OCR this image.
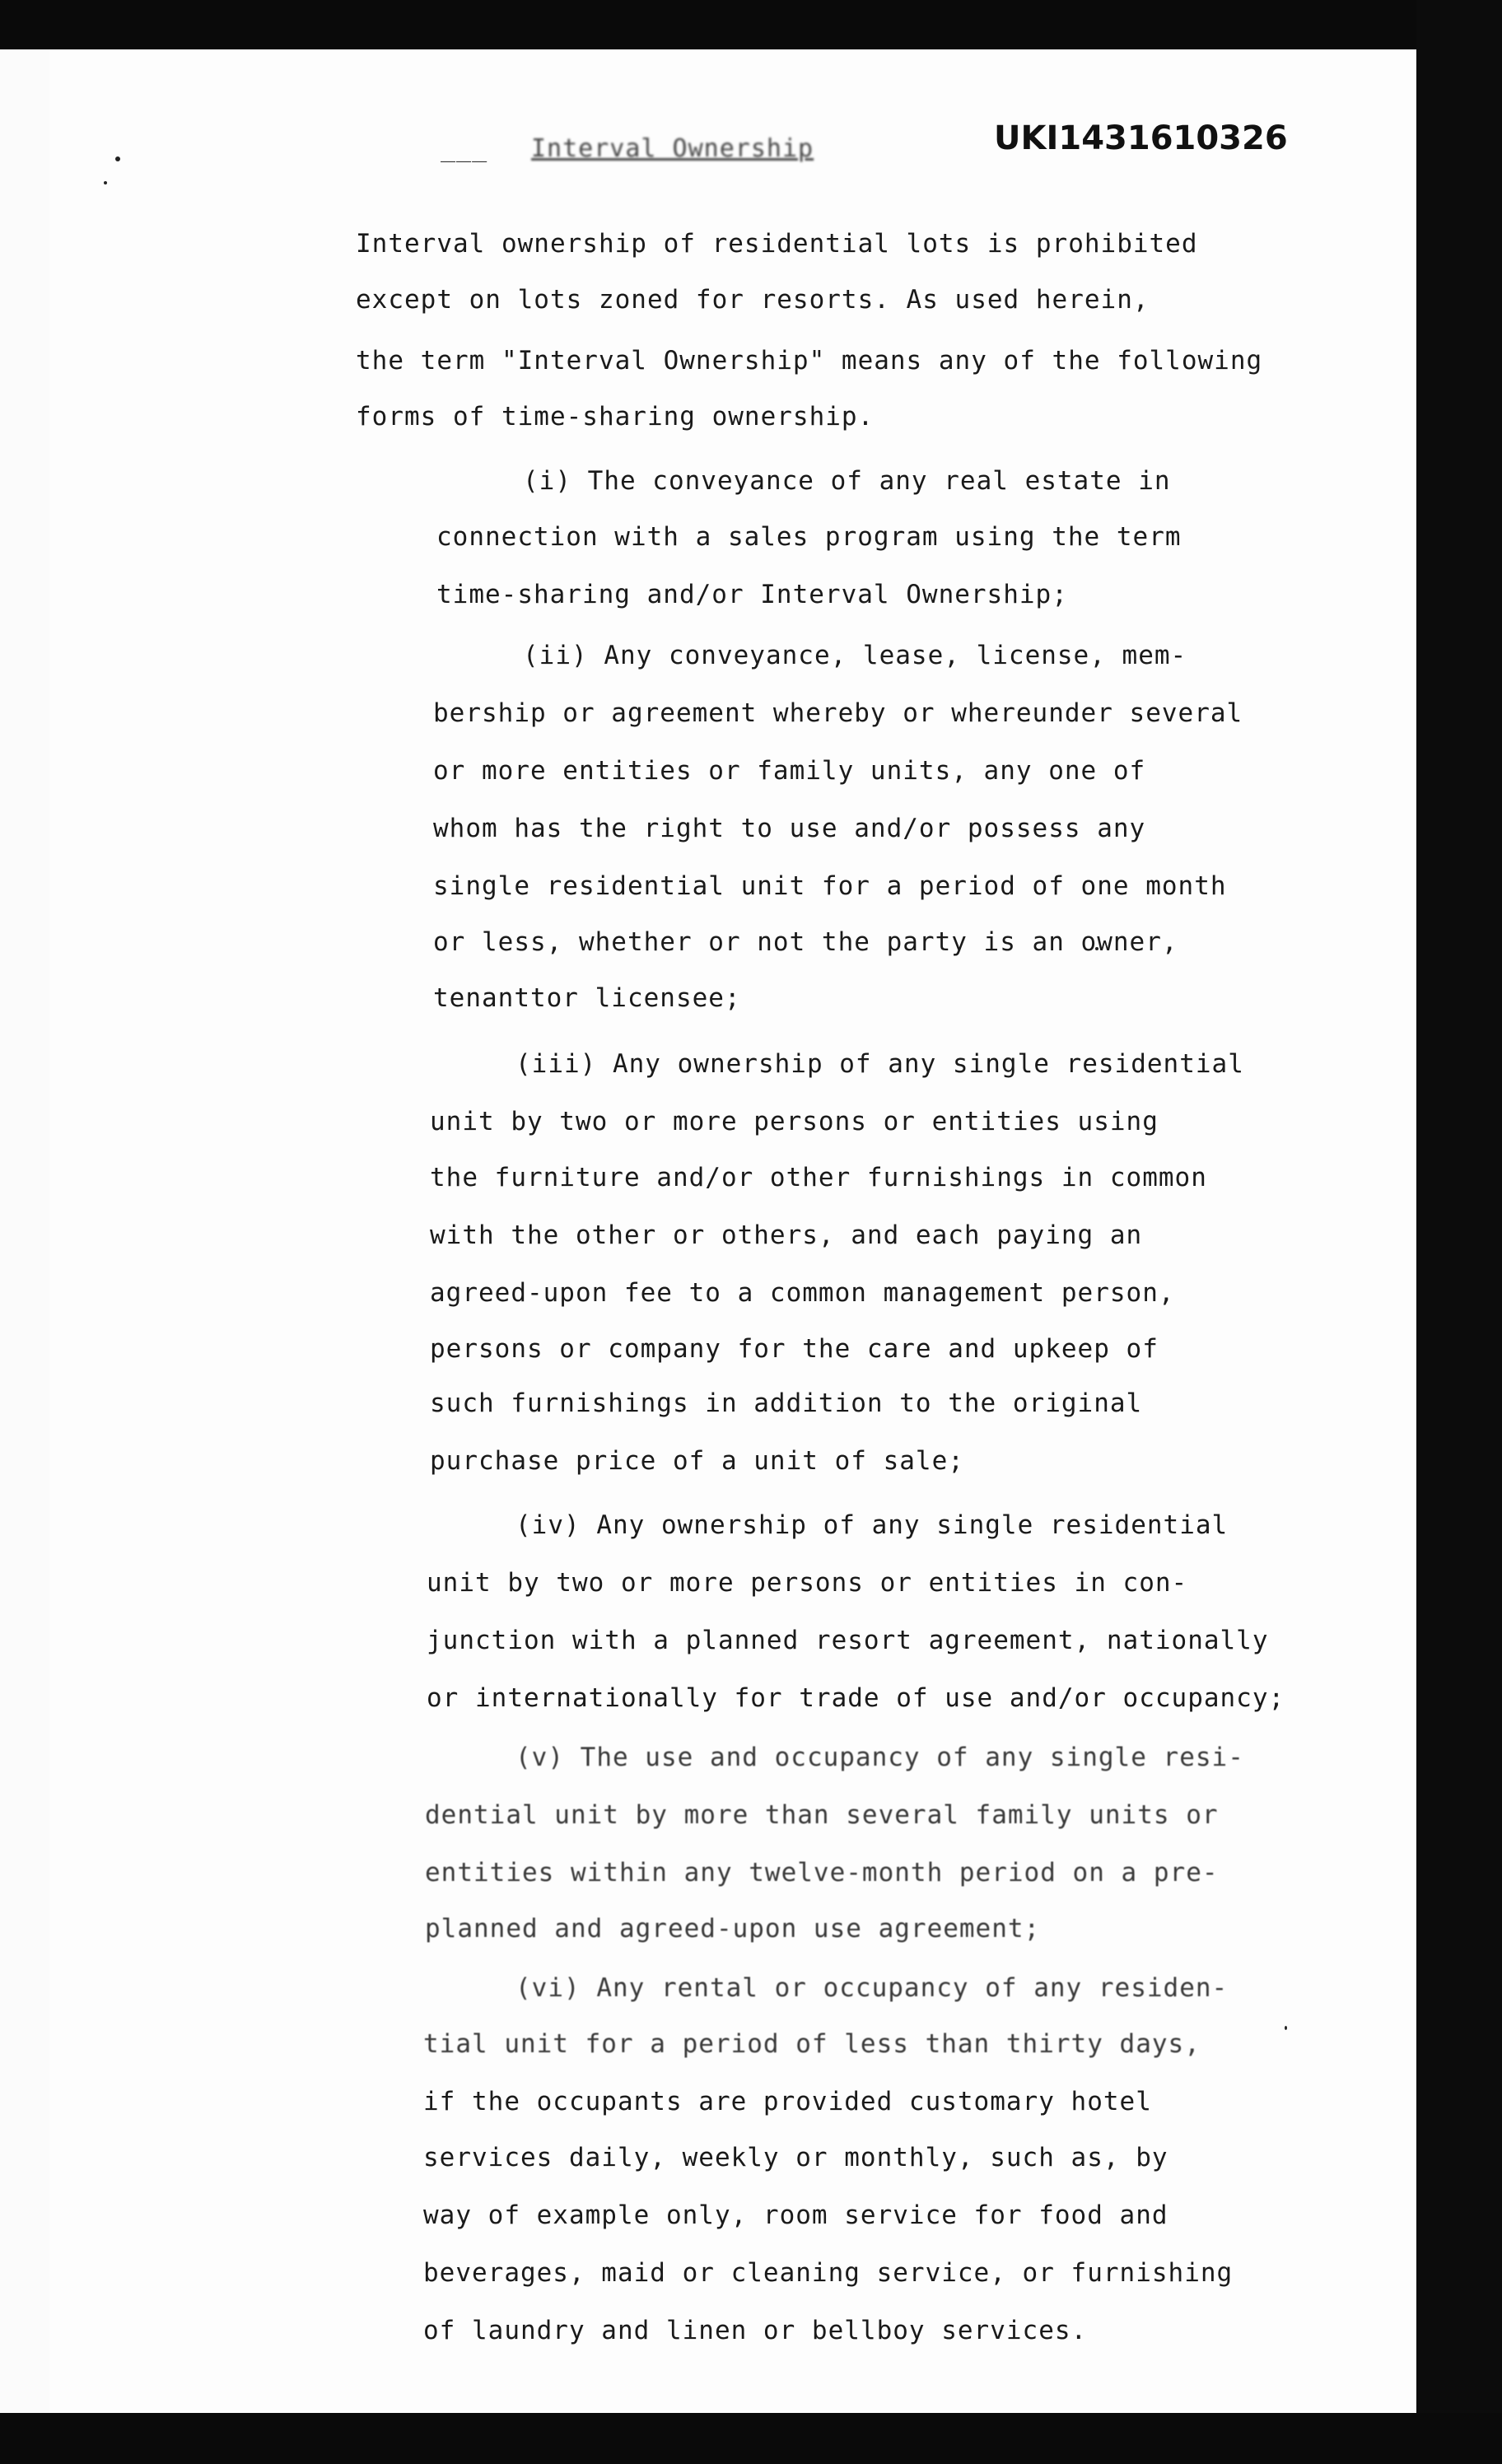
___ Interval Ownership	UKI1431610326
Interval ownership of residential lots is prohibited
except on lots zoned for resorts. As used herein,
the term "Interval Ownership" means any of the following
forms of time-sharing ownership.
(i) The conveyance of any real estate in
connection with a sales program using the term
time-sharing and/or Interval Ownership;
(ii) Any conveyance, lease, license, mem-
bership or agreement whereby or whereunder several
or more entities or family units, any one of
whom has the right to use and/or possess any
single residential unit for a period of one month
or less, whether or not the party is an owner,
tenanttor licensee;
(iii) Any ownership of any single residential
unit by two or more persons or entities using
the furniture and/or other furnishings in common
with the other or others, and each paying an
agreed-upon fee to a common management person,
persons or company for the care and upkeep of
such furnishings in addition to the original
purchase price of a unit of sale;
(iv) Any ownership of any single residential
unit by two or more persons or entities in con-
junction with a planned resort agreement, nationally
or internationally for trade of use and/or occupancy;
(v) The use and occupancy of any single resi-
dential unit by more than several family units or
entities within any twelve-month period on a pre-
planned and agreed-upon use agreement;
(vi) Any rental or occupancy of any residen-
tial unit for a period of less than thirty days,
if the occupants are provided customary hotel
services daily, weekly or monthly, such as, by
way of example only, room service for food and
beverages, maid or cleaning service, or furnishing
of laundry and linen or bellboy services.
